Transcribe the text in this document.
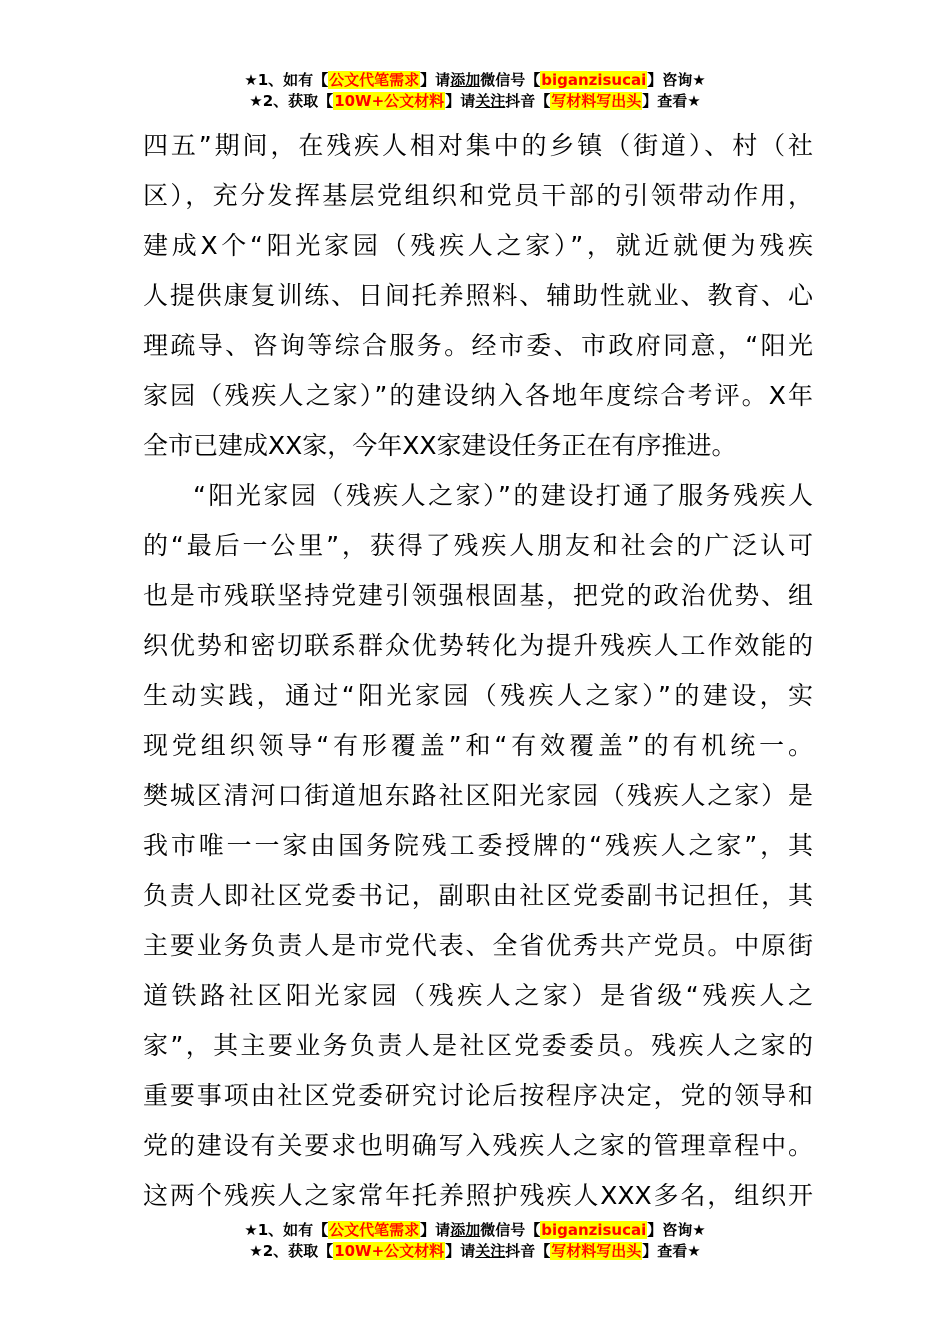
★1、如有【公文代笔需求】请添加微信号【biganzisucai】咨询★
★2、获取【10W+公文材料】请关注抖音【写材料写出头】查看★
四五”期间，在残疾人相对集中的乡镇（街道）、村（社
区），充分发挥基层党组织和党员干部的引领带动作用，
建成X个“阳光家园（残疾人之家）”，就近就便为残疾
人提供康复训练、日间托养照料、辅助性就业、教育、心
理疏导、咨询等综合服务。经市委、市政府同意，“阳光
家园（残疾人之家）”的建设纳入各地年度综合考评。X年
全市已建成XX家，今年XX家建设任务正在有序推进。
“阳光家园（残疾人之家）”的建设打通了服务残疾人
的“最后一公里”，获得了残疾人朋友和社会的广泛认可
也是市残联坚持党建引领强根固基，把党的政治优势、组
织优势和密切联系群众优势转化为提升残疾人工作效能的
生动实践，通过“阳光家园（残疾人之家）”的建设，实
现党组织领导“有形覆盖”和“有效覆盖”的有机统一。
樊城区清河口街道旭东路社区阳光家园（残疾人之家）是
我市唯一一家由国务院残工委授牌的“残疾人之家”，其
负责人即社区党委书记，副职由社区党委副书记担任，其
主要业务负责人是市党代表、全省优秀共产党员。中原街
道铁路社区阳光家园（残疾人之家）是省级“残疾人之
家”，其主要业务负责人是社区党委委员。残疾人之家的
重要事项由社区党委研究讨论后按程序决定，党的领导和
党的建设有关要求也明确写入残疾人之家的管理章程中。
这两个残疾人之家常年托养照护残疾人XXX多名，组织开
★1、如有【公文代笔需求】请添加微信号【biganzisucai】咨询★
★2、获取【10W+公文材料】请关注抖音【写材料写出头】查看★
